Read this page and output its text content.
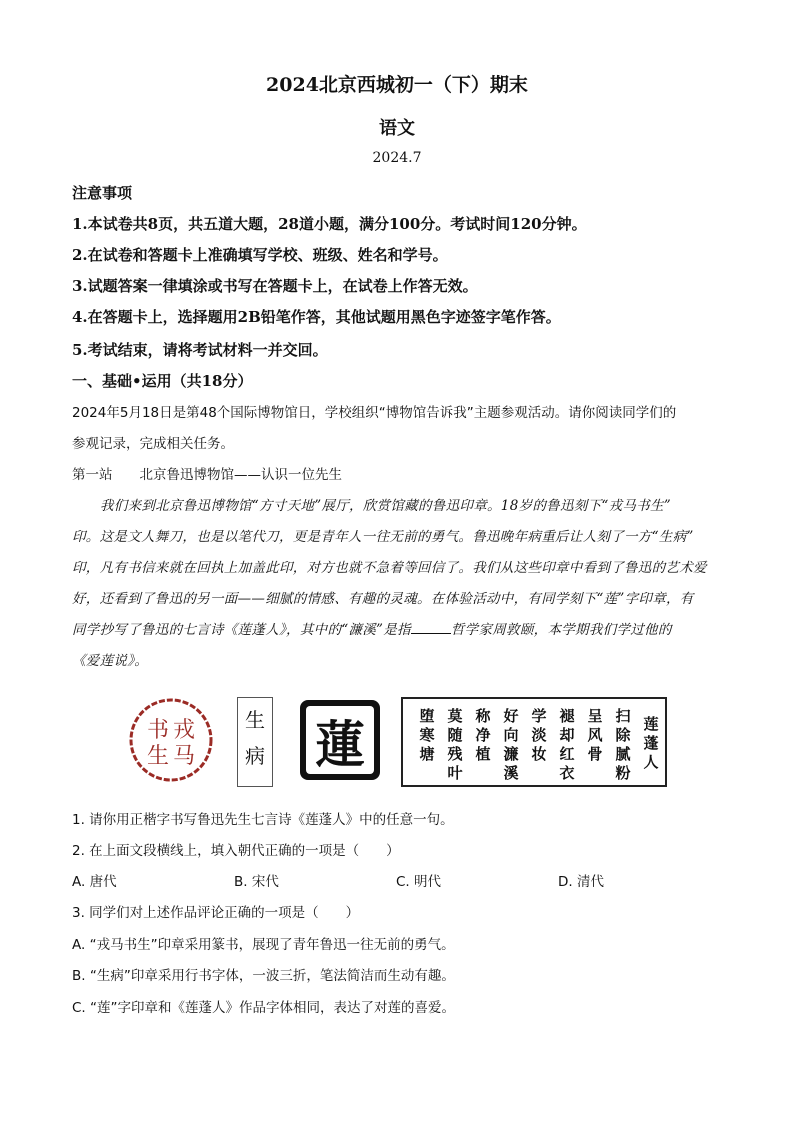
2024北京西城初一（下）期末
语文
2024.7
注意事项
1.本试卷共8页，共五道大题，28道小题，满分100分。考试时间120分钟。
2.在试卷和答题卡上准确填写学校、班级、姓名和学号。
3.试题答案一律填涂或书写在答题卡上，在试卷上作答无效。
4.在答题卡上，选择题用2B铅笔作答，其他试题用黑色字迹签字笔作答。
5.考试结束，请将考试材料一并交回。
一、基础•运用（共18分）
2024年5月18日是第48个国际博物馆日，学校组织“博物馆告诉我”主题参观活动。请你阅读同学们的
参观记录，完成相关任务。
第一站　　北京鲁迅博物馆——认识一位先生
我们来到北京鲁迅博物馆“方寸天地”展厅，欣赏馆藏的鲁迅印章。18岁的鲁迅刻下“戎马书生”
印。这是文人舞刀，也是以笔代刀，更是青年人一往无前的勇气。鲁迅晚年病重后让人刻了一方“生病”
印，凡有书信来就在回执上加盖此印，对方也就不急着等回信了。我们从这些印章中看到了鲁迅的艺术爱
好，还看到了鲁迅的另一面——细腻的情感、有趣的灵魂。在体验活动中，有同学刻下“莲”字印章，有
同学抄写了鲁迅的七言诗《莲蓬人》，其中的“濂溪”是指	哲学家周敦颐，本学期我们学过他的
《爱莲说》。
戎
马
书
生
生
病 蓮	莲蓬人
扫除腻粉
呈风骨
褪却红衣
学淡妆
好向濂溪
称净植
莫随残叶
堕寒塘
1. 请你用正楷字书写鲁迅先生七言诗《莲蓬人》中的任意一句。
2. 在上面文段横线上，填入朝代正确的一项是（　　）
A. 唐代	B. 宋代	C. 明代	D. 清代
3. 同学们对上述作品评论正确的一项是（　　）
A. “戎马书生”印章采用篆书，展现了青年鲁迅一往无前的勇气。
B. “生病”印章采用行书字体，一波三折，笔法简洁而生动有趣。
C. “莲”字印章和《莲蓬人》作品字体相同，表达了对莲的喜爱。
